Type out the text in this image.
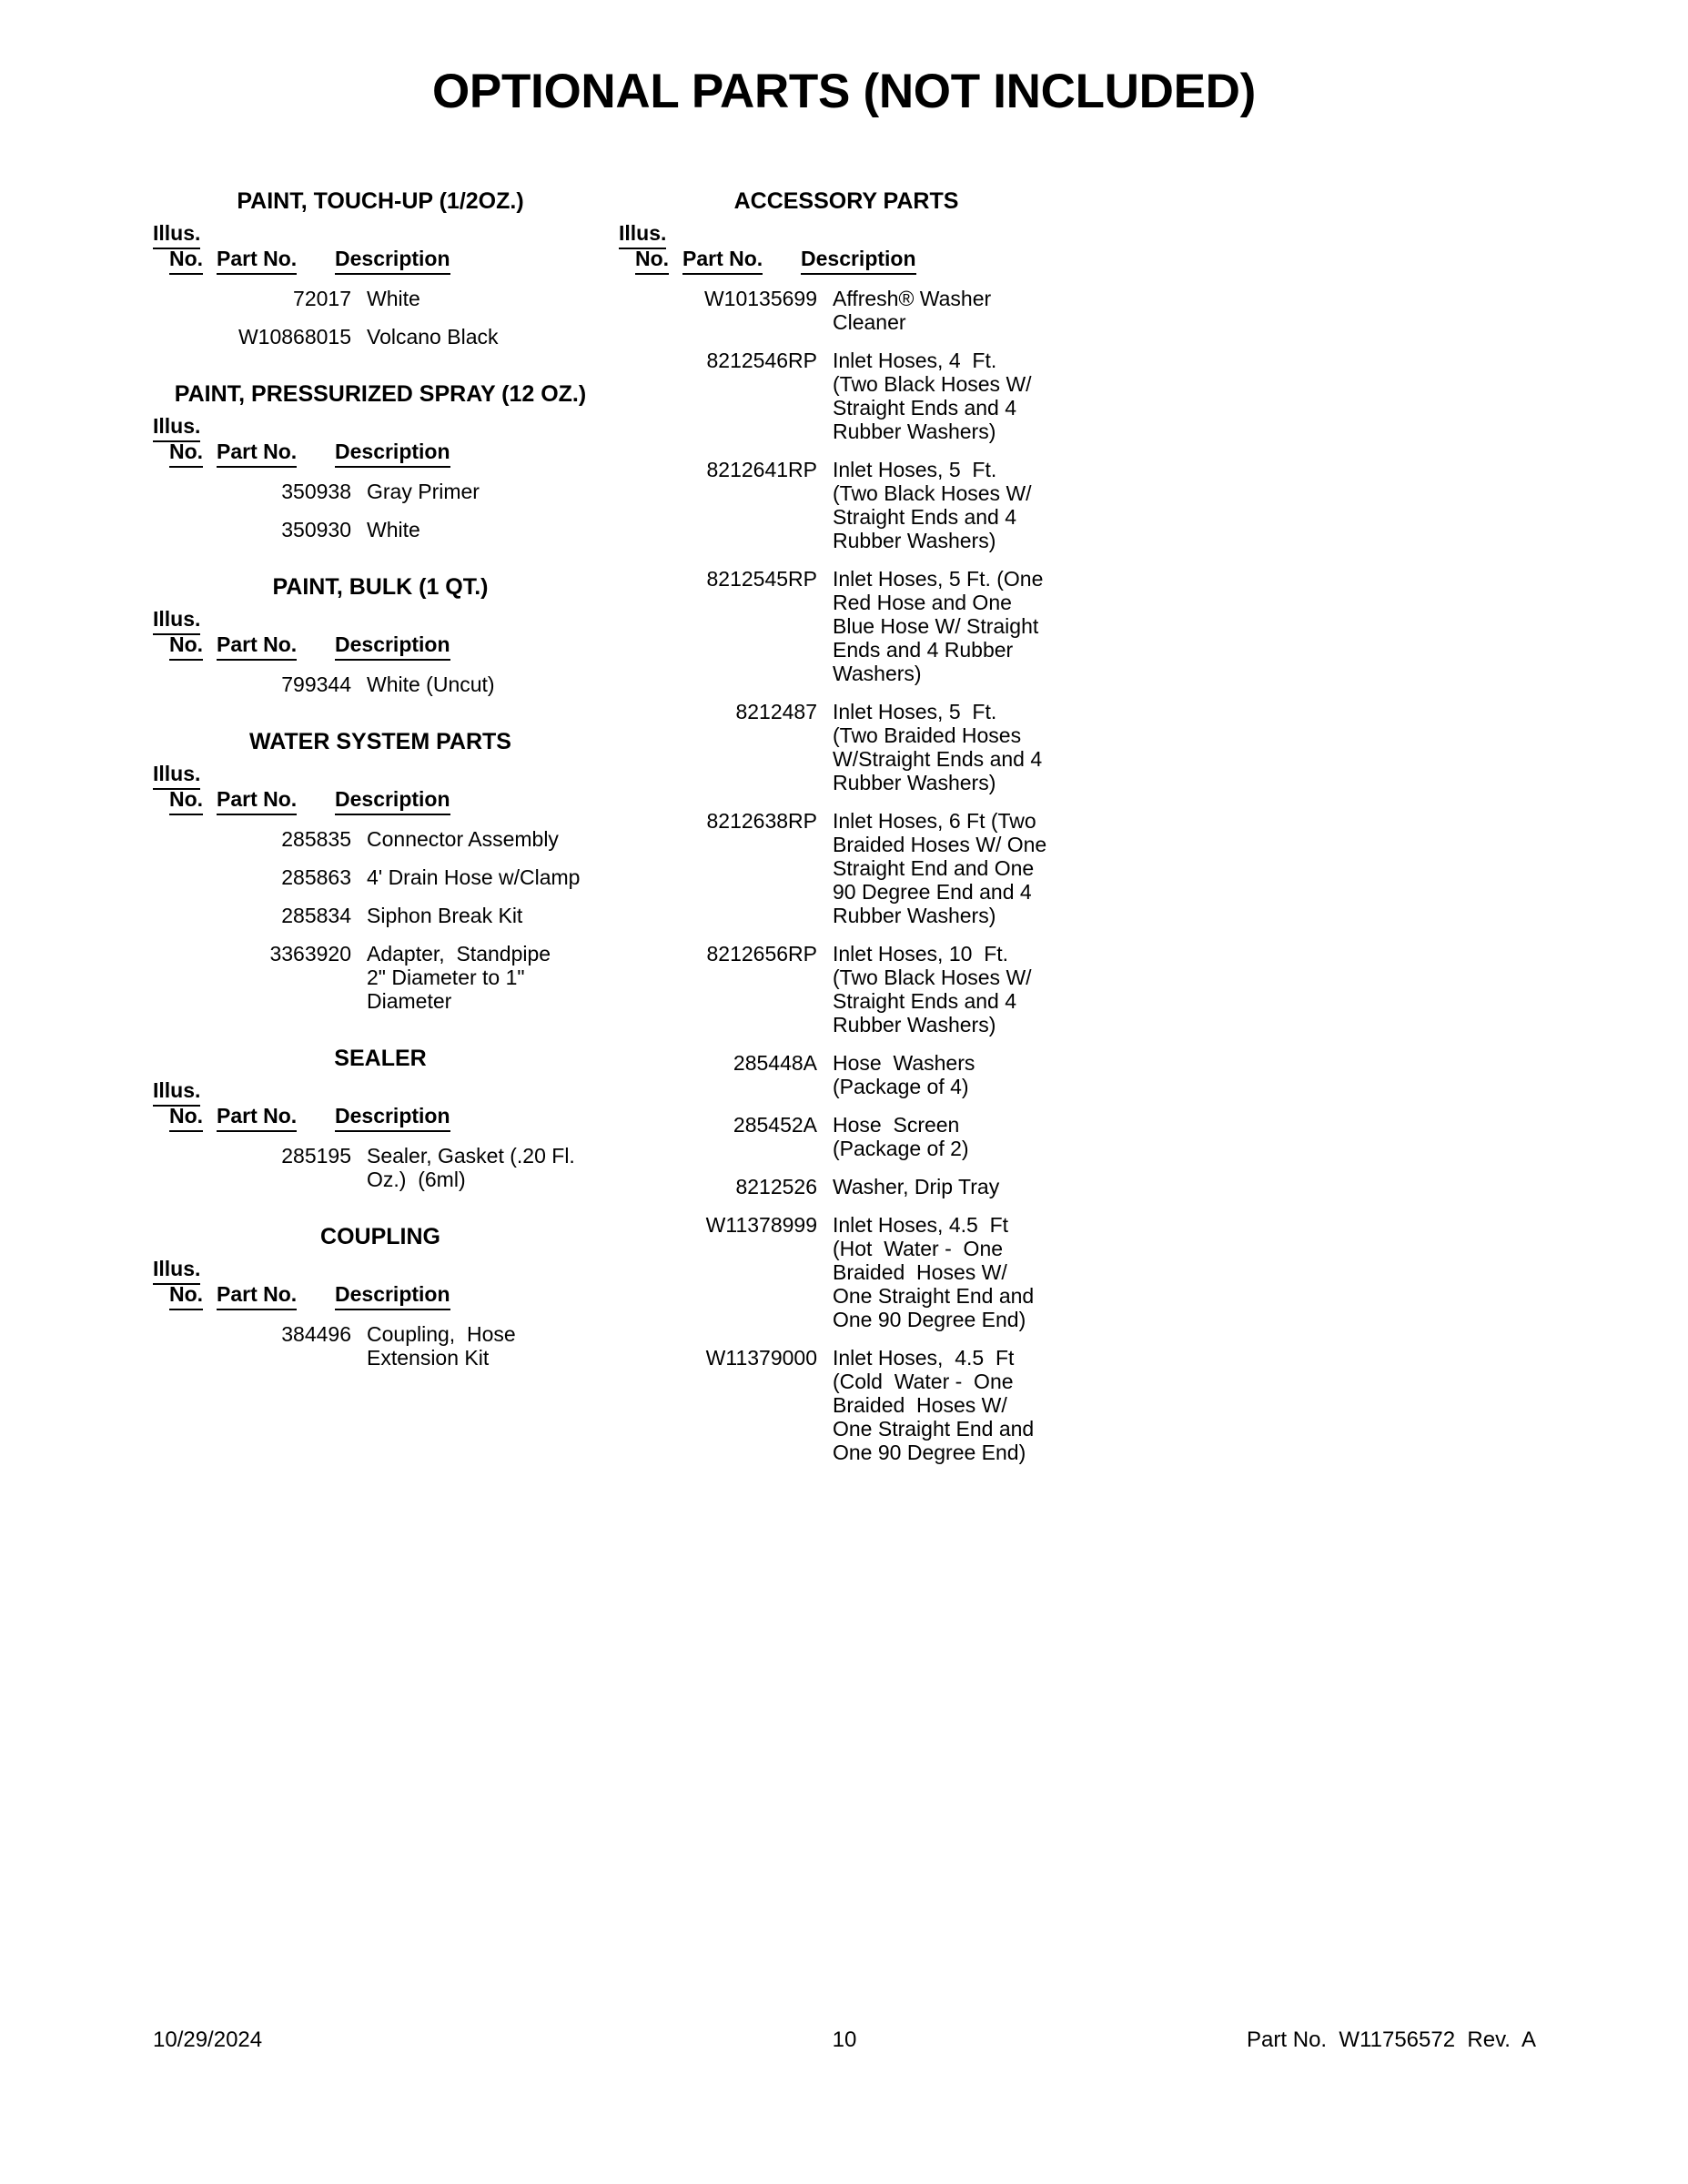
OPTIONAL PARTS (NOT INCLUDED)
PAINT, TOUCH-UP (1/2OZ.)
Illus.
No. Part No. Description
72017 White
W10868015 Volcano Black
PAINT, PRESSURIZED SPRAY (12 OZ.)
Illus.
No. Part No. Description
350938 Gray Primer
350930 White
PAINT, BULK (1 QT.)
Illus.
No. Part No. Description
799344 White (Uncut)
WATER SYSTEM PARTS
Illus.
No. Part No. Description
285835 Connector Assembly
285863 4' Drain Hose w/Clamp
285834 Siphon Break Kit
3363920 Adapter,  Standpipe
2" Diameter to 1"
Diameter
SEALER
Illus.
No. Part No. Description
285195 Sealer, Gasket (.20 Fl.
Oz.)  (6ml)
COUPLING
Illus.
No. Part No. Description
384496 Coupling,  Hose
Extension Kit
ACCESSORY PARTS
Illus.
No. Part No. Description
W10135699 Affresh® Washer
Cleaner
8212546RP Inlet Hoses, 4  Ft.
(Two Black Hoses W/
Straight Ends and 4
Rubber Washers)
8212641RP Inlet Hoses, 5  Ft.
(Two Black Hoses W/
Straight Ends and 4
Rubber Washers)
8212545RP Inlet Hoses, 5 Ft. (One
Red Hose and One
Blue Hose W/ Straight
Ends and 4 Rubber
Washers)
8212487 Inlet Hoses, 5  Ft.
(Two Braided Hoses
W/Straight Ends and 4
Rubber Washers)
8212638RP Inlet Hoses, 6 Ft (Two
Braided Hoses W/ One
Straight End and One
90 Degree End and 4
Rubber Washers)
8212656RP Inlet Hoses, 10  Ft.
(Two Black Hoses W/
Straight Ends and 4
Rubber Washers)
285448A Hose  Washers
(Package of 4)
285452A Hose  Screen
(Package of 2)
8212526 Washer, Drip Tray
W11378999 Inlet Hoses, 4.5  Ft
(Hot  Water -  One
Braided  Hoses W/
One Straight End and
One 90 Degree End)
W11379000 Inlet Hoses,  4.5  Ft
(Cold  Water -  One
Braided  Hoses W/
One Straight End and
One 90 Degree End)
10/29/2024	10	Part No.  W11756572  Rev.  A
